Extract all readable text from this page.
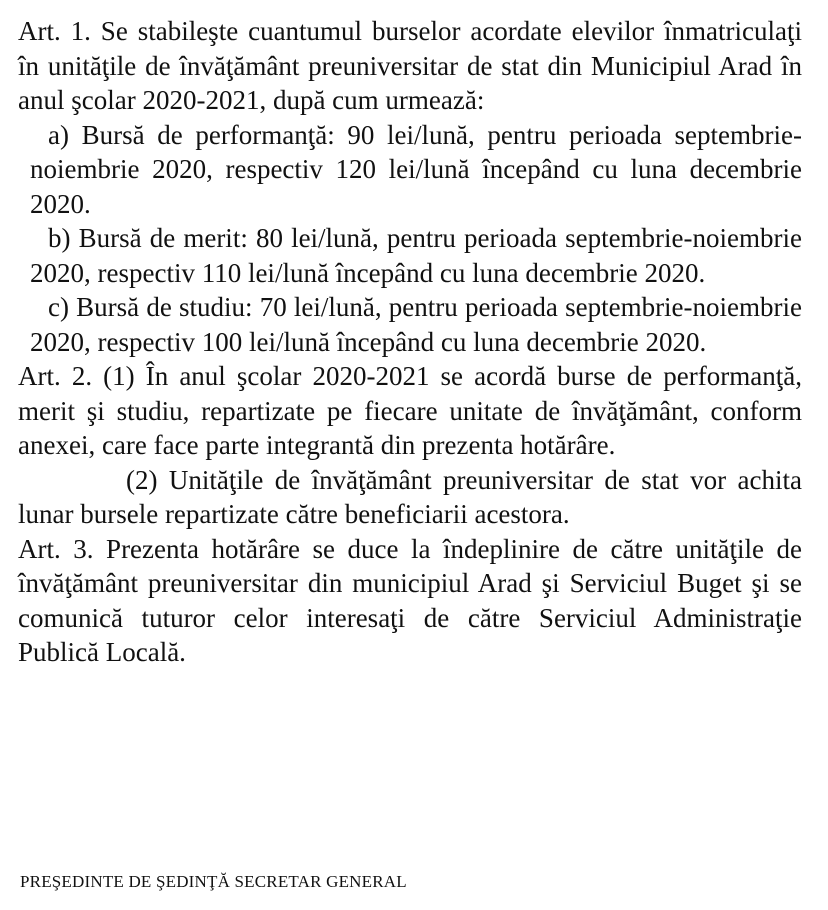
Art. 1. Se stabileşte cuantumul burselor acordate elevilor înmatriculaţi în unităţile de învăţământ preuniversitar de stat din Municipiul Arad în anul şcolar 2020-2021, după cum urmează:

a) Bursă de performanţă: 90 lei/lună, pentru perioada septembrie-noiembrie 2020, respectiv 120 lei/lună începând cu luna decembrie 2020.

b) Bursă de merit: 80 lei/lună, pentru perioada septembrie-noiembrie 2020, respectiv 110 lei/lună începând cu luna decembrie 2020.

c) Bursă de studiu: 70 lei/lună, pentru perioada septembrie-noiembrie 2020, respectiv 100 lei/lună începând cu luna decembrie 2020.

Art. 2. (1) În anul şcolar 2020-2021 se acordă burse de performanţă, merit şi studiu, repartizate pe fiecare unitate de învăţământ, conform anexei, care face parte integrantă din prezenta hotărâre.

(2) Unităţile de învăţământ preuniversitar de stat vor achita lunar bursele repartizate către beneficiarii acestora.

Art. 3. Prezenta hotărâre se duce la îndeplinire de către unităţile de învăţământ preuniversitar din municipiul Arad şi Serviciul Buget şi se comunică tuturor celor interesaţi de către Serviciul Administraţie Publică Locală.

PREŞEDINTE DE ŞEDINŢĂ SECRETAR GENERAL
